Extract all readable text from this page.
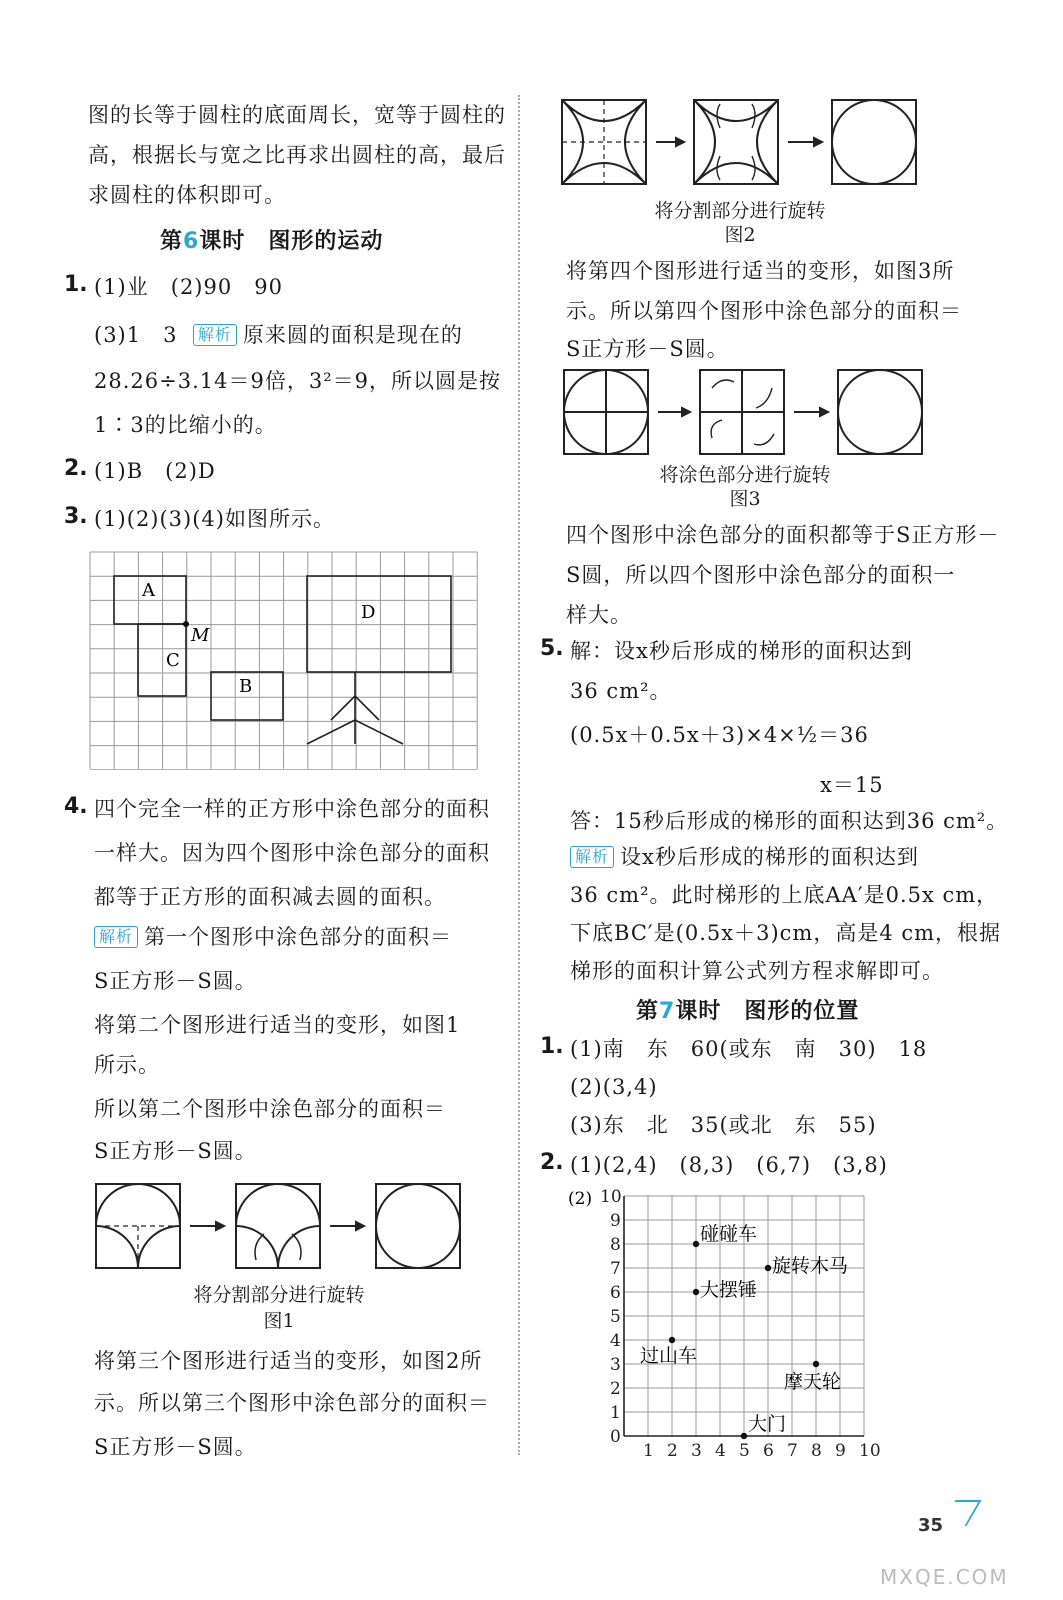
图的长等于圆柱的底面周长，宽等于圆柱的
高，根据长与宽之比再求出圆柱的高，最后
求圆柱的体积即可。
第6课时　图形的运动
1. (1)业　(2)90　90
(3)1　3 解析 原来圆的面积是现在的
28.26÷3.14＝9倍，3²＝9，所以圆是按
1∶3的比缩小的。
2. (1)B　(2)D
3. (1)(2)(3)(4)如图所示。
A
C
B
D
M
4. 四个完全一样的正方形中涂色部分的面积
一样大。因为四个图形中涂色部分的面积
都等于正方形的面积减去圆的面积。
解析 第一个图形中涂色部分的面积＝
S正方形－S圆。
将第二个图形进行适当的变形，如图1
所示。
所以第二个图形中涂色部分的面积＝
S正方形－S圆。
将分割部分进行旋转
图1
将第三个图形进行适当的变形，如图2所
示。所以第三个图形中涂色部分的面积＝
S正方形－S圆。
将分割部分进行旋转
图2
将第四个图形进行适当的变形，如图3所
示。所以第四个图形中涂色部分的面积＝
S正方形－S圆。
将涂色部分进行旋转
图3
四个图形中涂色部分的面积都等于S正方形－
S圆，所以四个图形中涂色部分的面积一
样大。
5. 解：设x秒后形成的梯形的面积达到
36 cm²。
(0.5x＋0.5x＋3)×4×½＝36
x＝15
答：15秒后形成的梯形的面积达到36 cm²。
解析 设x秒后形成的梯形的面积达到
36 cm²。此时梯形的上底AA′是0.5x cm，
下底BC′是(0.5x＋3)cm，高是4 cm，根据
梯形的面积计算公式列方程求解即可。
第7课时　图形的位置
1. (1)南　东　60(或东　南　30)　18
(2)(3,4)
(3)东　北　35(或北　东　55)
2. (1)(2,4)　(8,3)　(6,7)　(3,8)
(2)
1 2 3 4 5 6 7 8 9 10
0
1
2
3
4
5
6
7
8
9
10
碰碰车
旋转木马
大摆锤
过山车
摩天轮
大门
35
MXQE.COM
